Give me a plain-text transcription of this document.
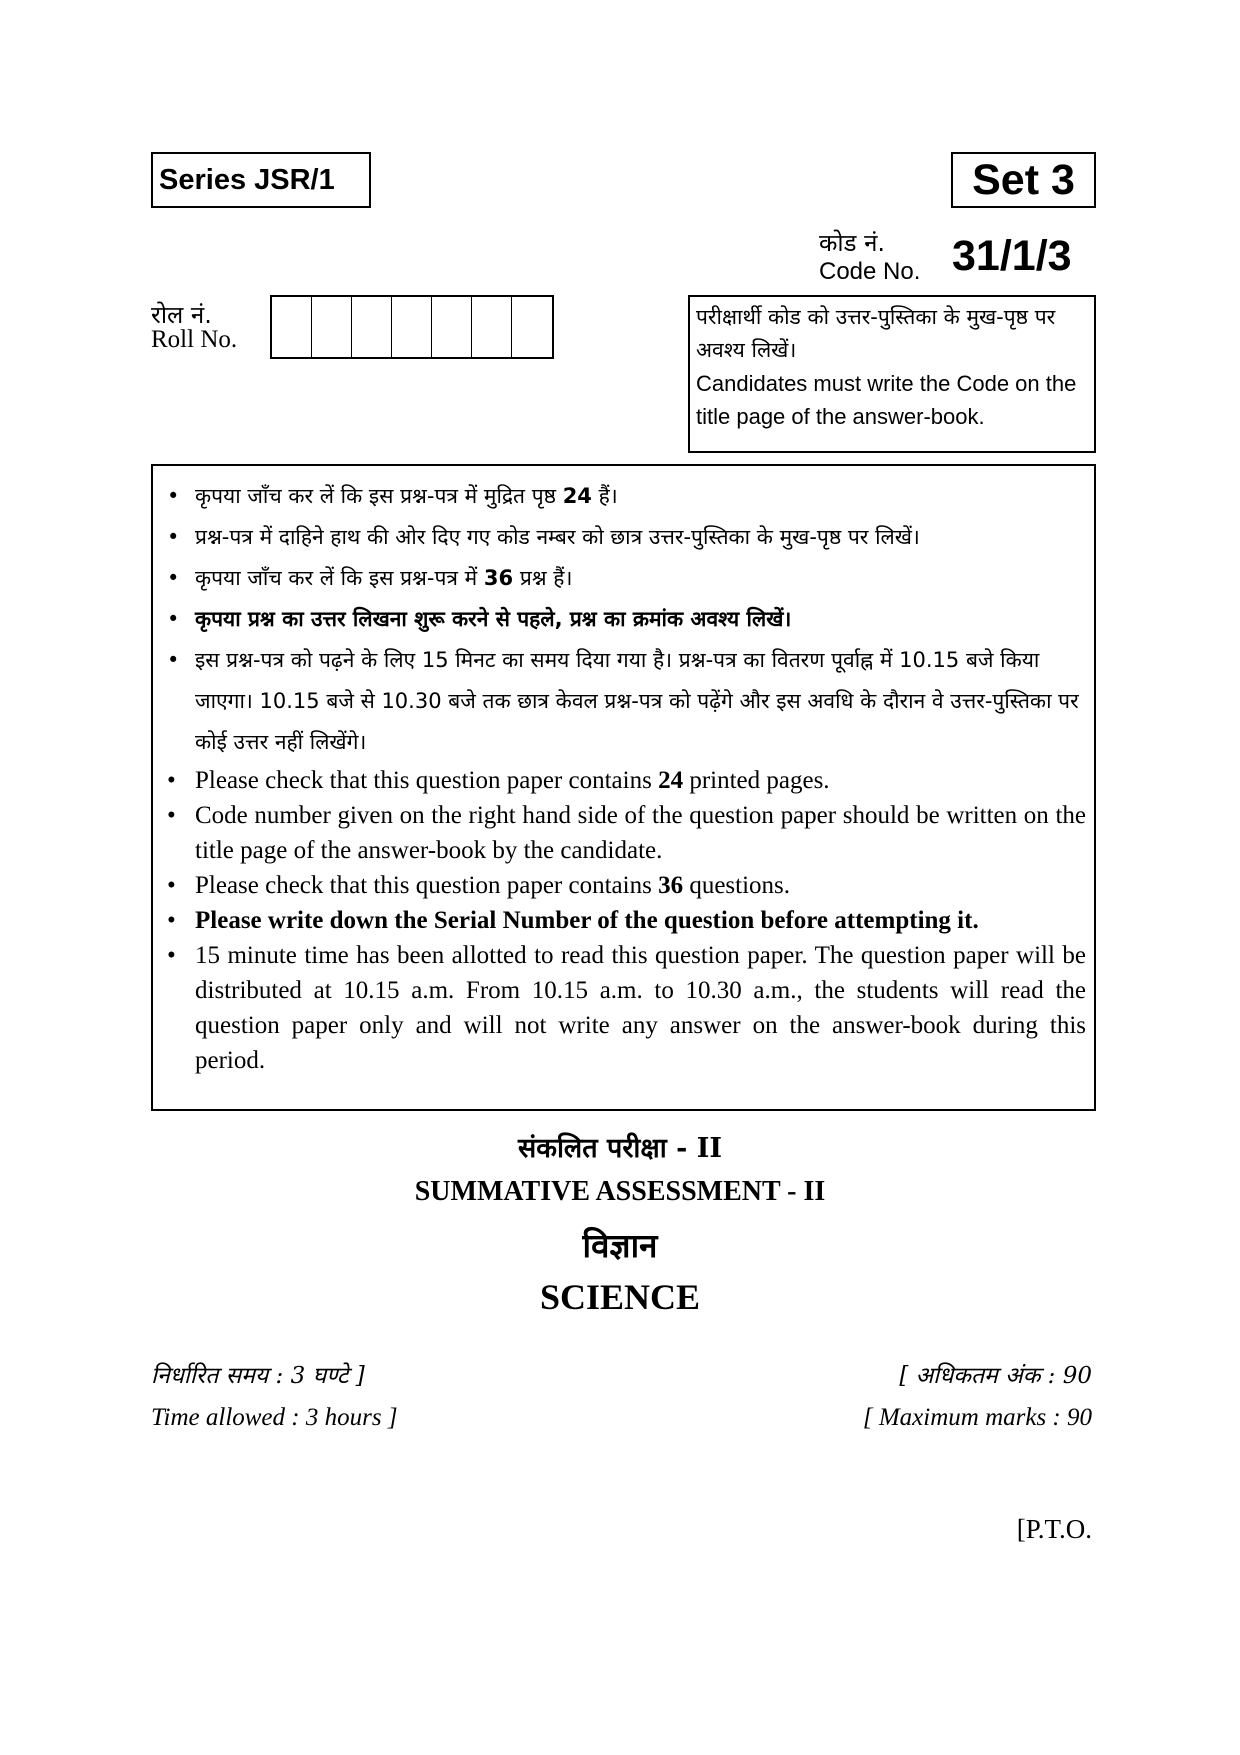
Series JSR/1	Set 3
कोड नं.
Code No. 31/1/3
रोल नं.
Roll No.
परीक्षार्थी कोड को उत्तर-पुस्तिका के मुख-पृष्ठ पर अवश्य लिखें।
Candidates must write the Code on the title page of the answer-book.
• कृपया जाँच कर लें कि इस प्रश्न-पत्र में मुद्रित पृष्ठ 24 हैं।
• प्रश्न-पत्र में दाहिने हाथ की ओर दिए गए कोड नम्बर को छात्र उत्तर-पुस्तिका के मुख-पृष्ठ पर लिखें।
• कृपया जाँच कर लें कि इस प्रश्न-पत्र में 36 प्रश्न हैं।
• कृपया प्रश्न का उत्तर लिखना शुरू करने से पहले, प्रश्न का क्रमांक अवश्य लिखें।
• इस प्रश्न-पत्र को पढ़ने के लिए 15 मिनट का समय दिया गया है। प्रश्न-पत्र का वितरण पूर्वाह्न में 10.15 बजे किया जाएगा। 10.15 बजे से 10.30 बजे तक छात्र केवल प्रश्न-पत्र को पढ़ेंगे और इस अवधि के दौरान वे उत्तर-पुस्तिका पर कोई उत्तर नहीं लिखेंगे।
• Please check that this question paper contains 24 printed pages.
• Code number given on the right hand side of the question paper should be written on the title page of the answer-book by the candidate.
• Please check that this question paper contains 36 questions.
• Please write down the Serial Number of the question before attempting it.
• 15 minute time has been allotted to read this question paper. The question paper will be distributed at 10.15 a.m. From 10.15 a.m. to 10.30 a.m., the students will read the question paper only and will not write any answer on the answer-book during this period.
संकलित परीक्षा - II
SUMMATIVE ASSESSMENT - II
विज्ञान
SCIENCE
निर्धारित समय : 3 घण्टे ]
Time allowed : 3 hours ]
[ अधिकतम अंक : 90
[ Maximum marks : 90
[P.T.O.
